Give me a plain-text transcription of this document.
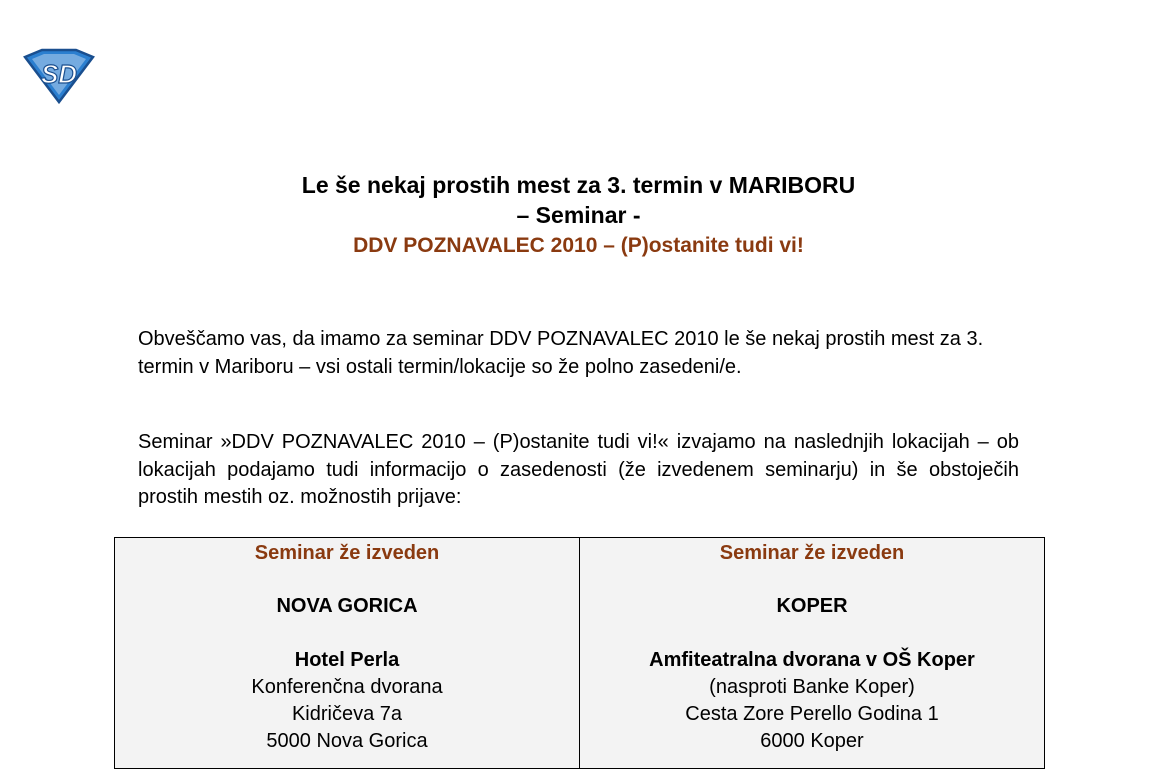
SD
Le še nekaj prostih mest za 3. termin v MARIBORU
– Seminar -
DDV POZNAVALEC 2010 – (P)ostanite tudi vi!
Obveščamo vas, da imamo za seminar DDV POZNAVALEC 2010 le še nekaj prostih mest za 3. termin v Mariboru – vsi ostali termin/lokacije so že polno zasedeni/e.
Seminar »DDV POZNAVALEC 2010 – (P)ostanite tudi vi!« izvajamo na naslednjih lokacijah – ob lokacijah podajamo tudi informacijo o zasedenosti (že izvedenem seminarju) in še obstoječih prostih mestih oz. možnostih prijave:
Seminar že izveden
NOVA GORICA
Hotel Perla
Konferenčna dvorana
Kidričeva 7a
5000 Nova Gorica
Seminar že izveden
KOPER
Amfiteatralna dvorana v OŠ Koper
(nasproti Banke Koper)
Cesta Zore Perello Godina 1
6000 Koper
